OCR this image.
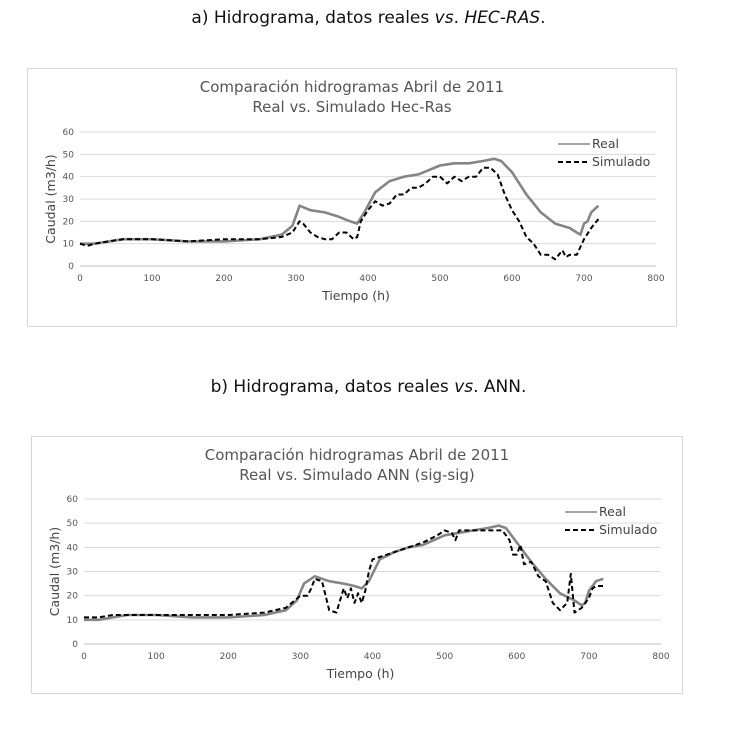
a) Hidrograma, datos reales vs. HEC-RAS.
Comparación hidrogramas Abril de 2011
Real vs. Simulado Hec-Ras
0
10
20
30
40
50
60
0	100	200	300	400	500	600	700	800
Tiempo (h)
Caudal (m3/h)
Real
Simulado
b) Hidrograma, datos reales vs. ANN.
Comparación hidrogramas Abril de 2011
Real vs. Simulado ANN (sig-sig)
0
10
20
30
40
50
60
0	100	200	300	400	500	600	700	800
Tiempo (h)
Caudal (m3/h)
Real
Simulado
